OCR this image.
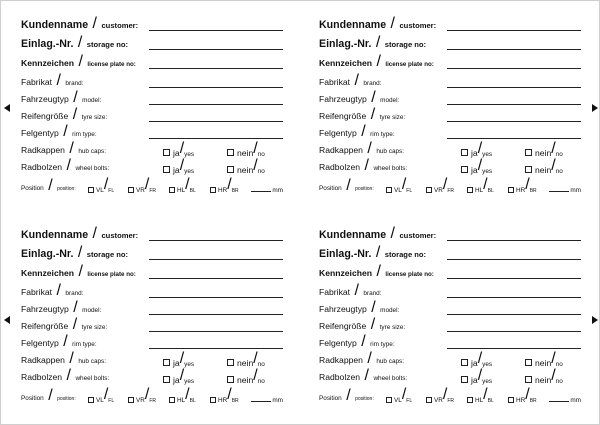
Kundenname / customer:
Einlag.-Nr. / storage no:
Kennzeichen / license plate no:
Fabrikat / brand:
Fahrzeugtyp / model:
Reifengröße / tyre size:
Felgentyp / rim type:
Radkappen / hub caps:	ja / yes	nein / no
Radbolzen / wheel bolts:	ja / yes	nein / no
Position / position:	VL / FL	VR / FR	HL / BL	HR / BR	mm
Kundenname / customer:
Einlag.-Nr. / storage no:
Kennzeichen / license plate no:
Fabrikat / brand:
Fahrzeugtyp / model:
Reifengröße / tyre size:
Felgentyp / rim type:
Radkappen / hub caps:	ja / yes	nein / no
Radbolzen / wheel bolts:	ja / yes	nein / no
Position / position:	VL / FL	VR / FR	HL / BL	HR / BR	mm
Kundenname / customer:
Einlag.-Nr. / storage no:
Kennzeichen / license plate no:
Fabrikat / brand:
Fahrzeugtyp / model:
Reifengröße / tyre size:
Felgentyp / rim type:
Radkappen / hub caps:	ja / yes	nein / no
Radbolzen / wheel bolts:	ja / yes	nein / no
Position / position:	VL / FL	VR / FR	HL / BL	HR / BR	mm
Kundenname / customer:
Einlag.-Nr. / storage no:
Kennzeichen / license plate no:
Fabrikat / brand:
Fahrzeugtyp / model:
Reifengröße / tyre size:
Felgentyp / rim type:
Radkappen / hub caps:	ja / yes	nein / no
Radbolzen / wheel bolts:	ja / yes	nein / no
Position / position:	VL / FL	VR / FR	HL / BL	HR / BR	mm
